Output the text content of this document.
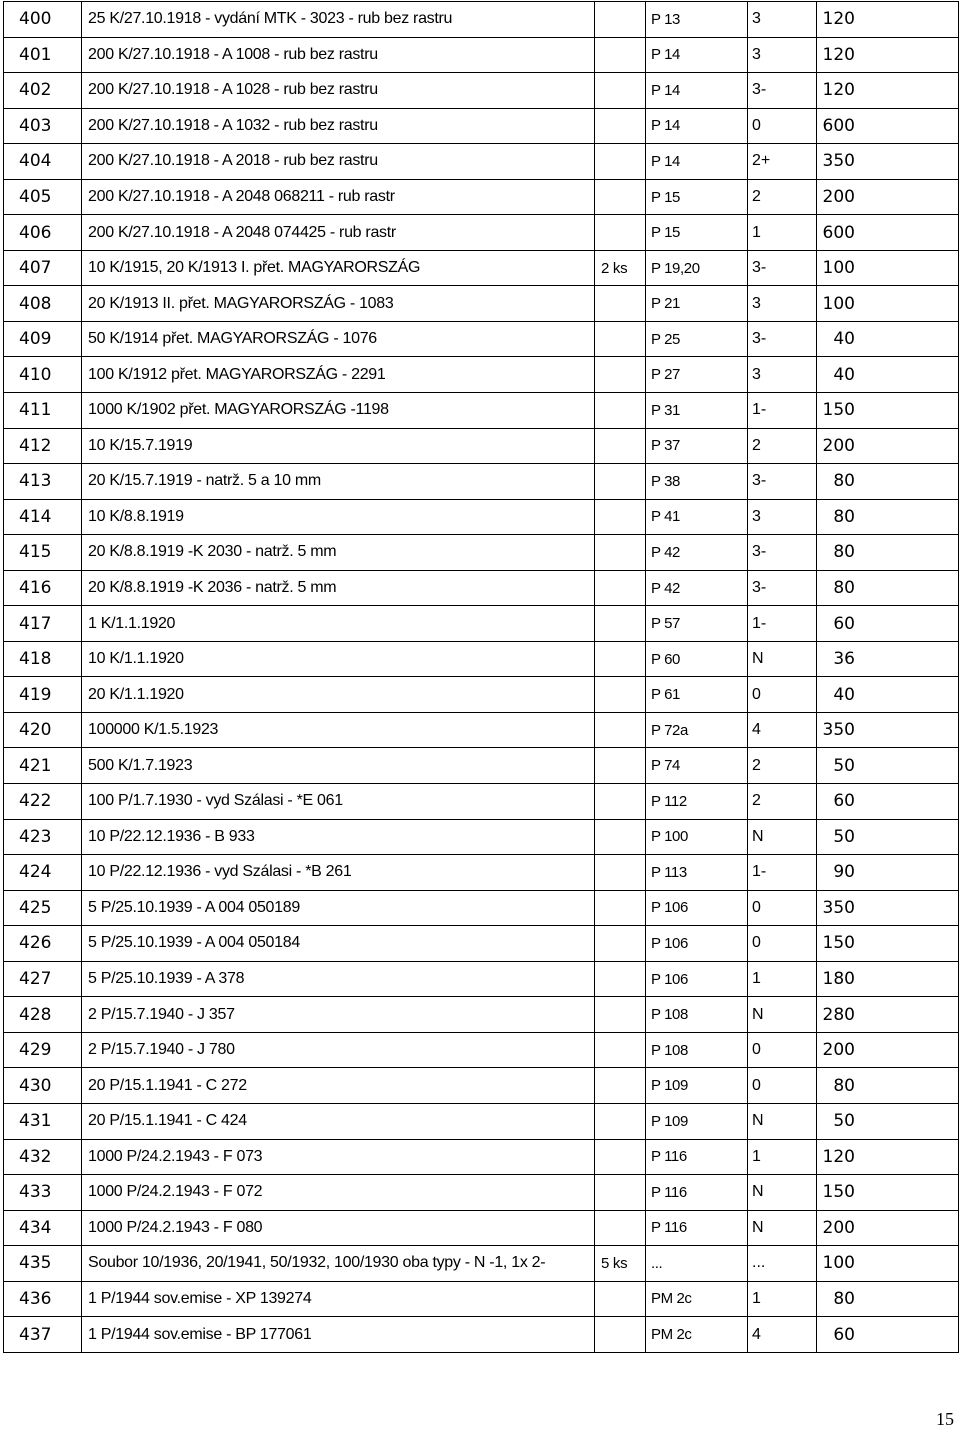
400	25 K/27.10.1918 - vydání MTK - 3023 - rub bez rastru		P 13	3	120
401	200 K/27.10.1918 - A 1008 - rub bez rastru		P 14	3	120
402	200 K/27.10.1918 - A 1028 - rub bez rastru		P 14	3-	120
403	200 K/27.10.1918 - A 1032 - rub bez rastru		P 14	0	600
404	200 K/27.10.1918 - A 2018 - rub bez rastru		P 14	2+	350
405	200 K/27.10.1918 - A 2048 068211 - rub rastr		P 15	2	200
406	200 K/27.10.1918 - A 2048 074425 - rub rastr		P 15	1	600
407	10 K/1915, 20 K/1913 I. přet. MAGYARORSZÁG	2 ks	P 19,20	3-	100
408	20 K/1913 II. přet. MAGYARORSZÁG - 1083		P 21	3	100
409	50 K/1914 přet. MAGYARORSZÁG - 1076		P 25	3-	40
410	100 K/1912 přet. MAGYARORSZÁG - 2291		P 27	3	40
411	1000 K/1902 přet. MAGYARORSZÁG -1198		P 31	1-	150
412	10 K/15.7.1919		P 37	2	200
413	20 K/15.7.1919 - natrž. 5 a 10 mm		P 38	3-	80
414	10 K/8.8.1919		P 41	3	80
415	20 K/8.8.1919 -K 2030 - natrž. 5 mm		P 42	3-	80
416	20 K/8.8.1919 -K 2036 - natrž. 5 mm		P 42	3-	80
417	1 K/1.1.1920		P 57	1-	60
418	10 K/1.1.1920		P 60	N	36
419	20 K/1.1.1920		P 61	0	40
420	100000 K/1.5.1923		P 72a	4	350
421	500 K/1.7.1923		P 74	2	50
422	100 P/1.7.1930 - vyd Szálasi - *E 061		P 112	2	60
423	10 P/22.12.1936 - B 933		P 100	N	50
424	10 P/22.12.1936 - vyd Szálasi - *B 261		P 113	1-	90
425	5 P/25.10.1939 - A 004 050189		P 106	0	350
426	5 P/25.10.1939 - A 004 050184		P 106	0	150
427	5 P/25.10.1939 - A 378		P 106	1	180
428	2 P/15.7.1940 - J 357		P 108	N	280
429	2 P/15.7.1940 - J 780		P 108	0	200
430	20 P/15.1.1941 - C 272		P 109	0	80
431	20 P/15.1.1941 - C 424		P 109	N	50
432	1000 P/24.2.1943 - F 073		P 116	1	120
433	1000 P/24.2.1943 - F 072		P 116	N	150
434	1000 P/24.2.1943 - F 080		P 116	N	200
435	Soubor 10/1936, 20/1941, 50/1932, 100/1930 oba typy - N -1, 1x 2-	5 ks	...	...	100
436	1 P/1944 sov.emise - XP 139274		PM 2c	1	80
437	1 P/1944 sov.emise - BP 177061		PM 2c	4	60
15
